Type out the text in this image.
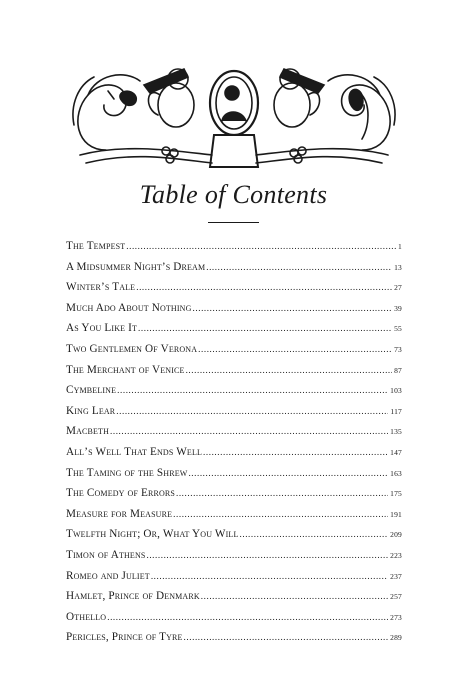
Table of Contents
The Tempest .....	1
A Midsummer Night’s Dream .....	13
Winter’s Tale .....	27
Much Ado About Nothing .....	39
As You Like It .....	55
Two Gentlemen Of Verona .....	73
The Merchant of Venice .....	87
Cymbeline .....	103
King Lear .....	117
Macbeth .....	135
All’s Well That Ends Well .....	147
The Taming of the Shrew .....	163
The Comedy of Errors .....	175
Measure for Measure .....	191
Twelfth Night; Or, What You Will .....	209
Timon of Athens .....	223
Romeo and Juliet .....	237
Hamlet, Prince of Denmark .....	257
Othello .....	273
Pericles, Prince of Tyre .....	289
